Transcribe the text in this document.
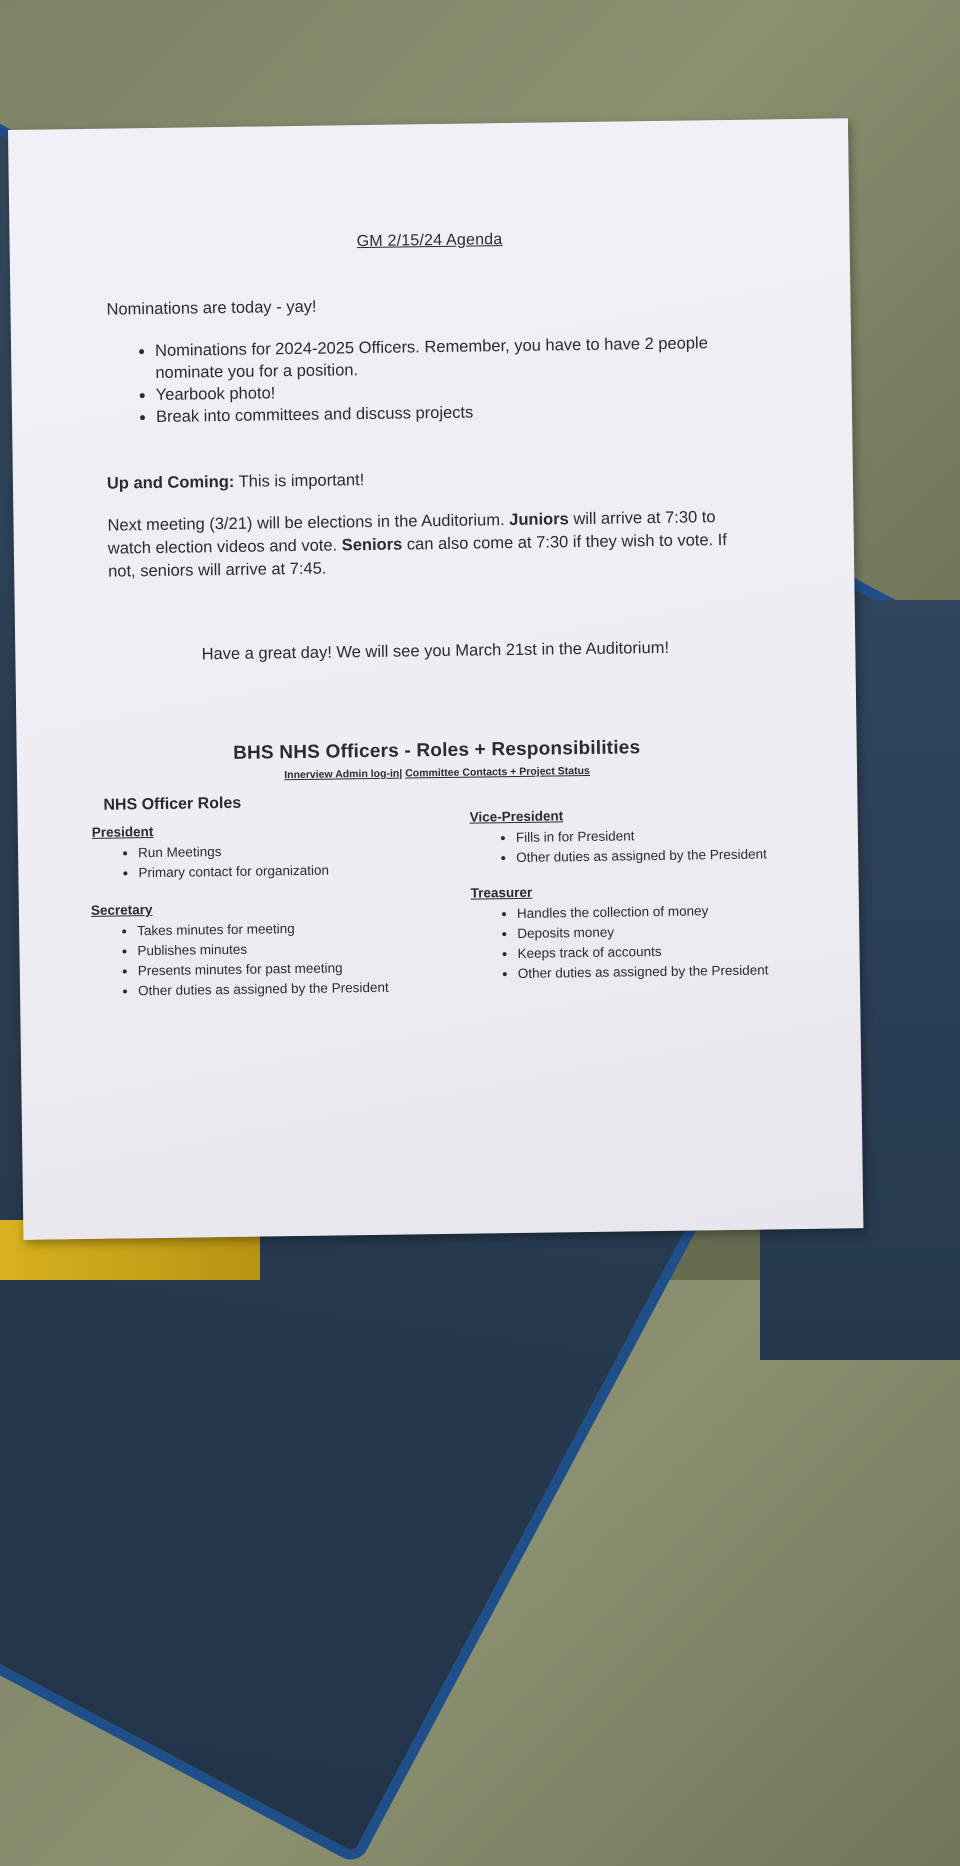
GM 2/15/24 Agenda
Nominations are today - yay!
• Nominations for 2024-2025 Officers. Remember, you have to have 2 people nominate you for a position.
• Yearbook photo!
• Break into committees and discuss projects
Up and Coming: This is important!
Next meeting (3/21) will be elections in the Auditorium. Juniors will arrive at 7:30 to watch election videos and vote. Seniors can also come at 7:30 if they wish to vote. If not, seniors will arrive at 7:45.
Have a great day! We will see you March 21st in the Auditorium!
BHS NHS Officers - Roles + Responsibilities
Innerview Admin log-in| Committee Contacts + Project Status
NHS Officer Roles
President
• Run Meetings
• Primary contact for organization
Secretary
• Takes minutes for meeting
• Publishes minutes
• Presents minutes for past meeting
• Other duties as assigned by the President
Vice-President
• Fills in for President
• Other duties as assigned by the President
Treasurer
• Handles the collection of money
• Deposits money
• Keeps track of accounts
• Other duties as assigned by the President
